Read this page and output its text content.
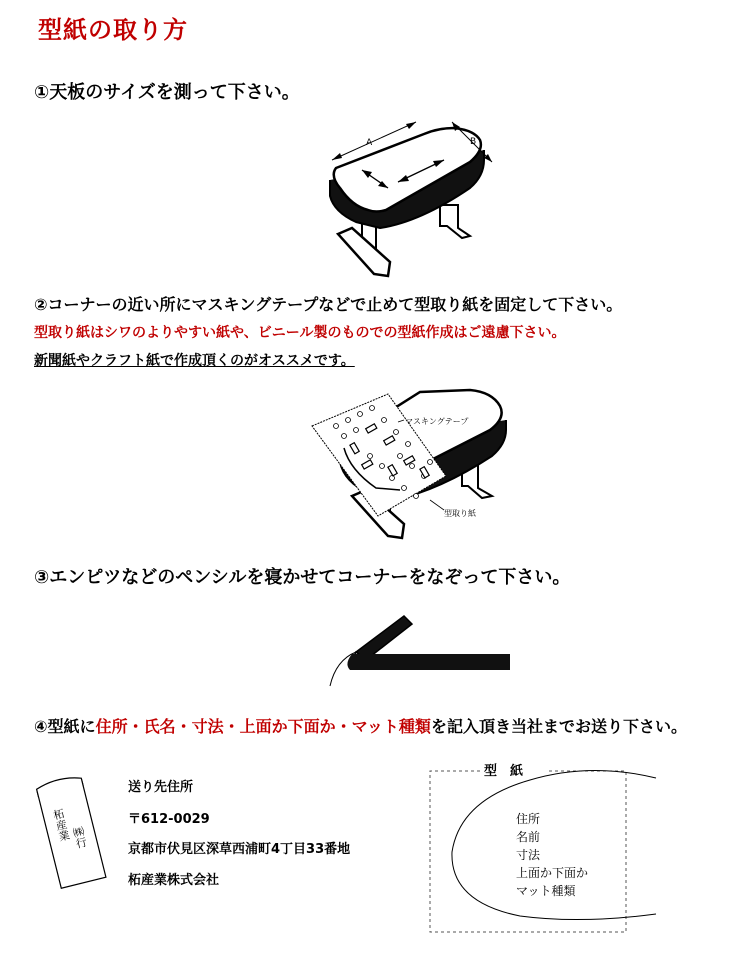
型紙の取り方
①天板のサイズを測って下さい。
A	B
②コーナーの近い所にマスキングテープなどで止めて型取り紙を固定して下さい。
型取り紙はシワのよりやすい紙や、ビニール製のものでの型紙作成はご遠慮下さい。
新聞紙やクラフト紙で作成頂くのがオススメです。
マスキングテープ
型取り紙
③エンピツなどのペンシルを寝かせてコーナーをなぞって下さい。
④型紙に住所・氏名・寸法・上面か下面か・マット種類を記入頂き当社までお送り下さい。
柘産業 ㈱行
送り先住所
〒612-0029
京都市伏見区深草西浦町4丁目33番地
柘産業株式会社
型　紙
住所
名前
寸法
上面か下面か
マット種類
